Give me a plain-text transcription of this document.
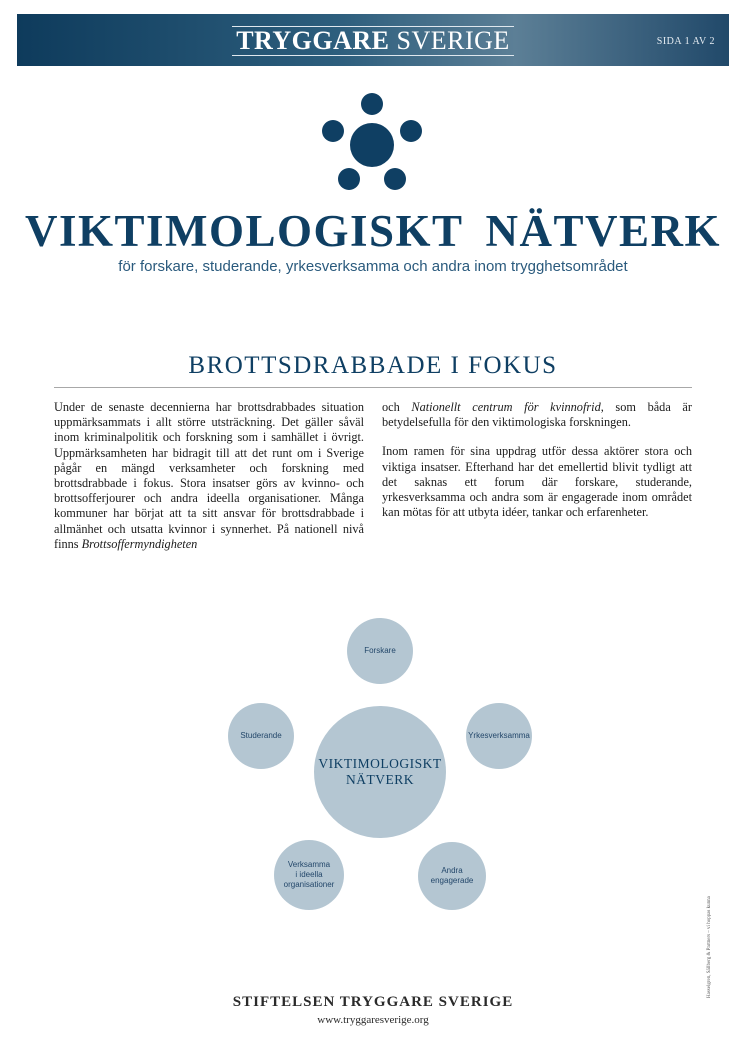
TRYGGARE SVERIGE	SIDA 1 AV 2
VIKTIMOLOGISKT NÄTVERK
för forskare, studerande, yrkesverksamma och andra inom trygghetsområdet
BROTTSDRABBADE I FOKUS

Under de senaste decennierna har brottsdrabbades situation uppmärksammats i allt större utsträckning. Det gäller såväl inom kriminalpolitik och forskning som i samhället i övrigt. Uppmärksamheten har bidragit till att det runt om i Sverige pågår en mängd verksamheter och forskning med brottsdrabbade i fokus. Stora insatser görs av kvinno- och brottsofferjourer och andra ideella organisationer. Många kommuner har börjat att ta sitt ansvar för brottsdrabbade i allmänhet och utsatta kvinnor i synnerhet. På nationell nivå finns Brottsoffermyndigheten

och Nationellt centrum för kvinnofrid, som båda är betydelsefulla för den viktimologiska forskningen.

Inom ramen för sina uppdrag utför dessa aktörer stora och viktiga insatser. Efterhand har det emellertid blivit tydligt att det saknas ett forum där forskare, studerande, yrkesverksamma och andra som är engagerade inom området kan mötas för att utbyta idéer, tankar och erfarenheter.

VIKTIMOLOGISKT
NÄTVERK
Forskare
Yrkesverksamma
Andra
engagerade
Verksamma
i ideella
organisationer
Studerande
STIFTELSEN TRYGGARE SVERIGE
www.tryggaresverige.org
Hasselgren, Sällberg & Partners – vi hoppas kunna
